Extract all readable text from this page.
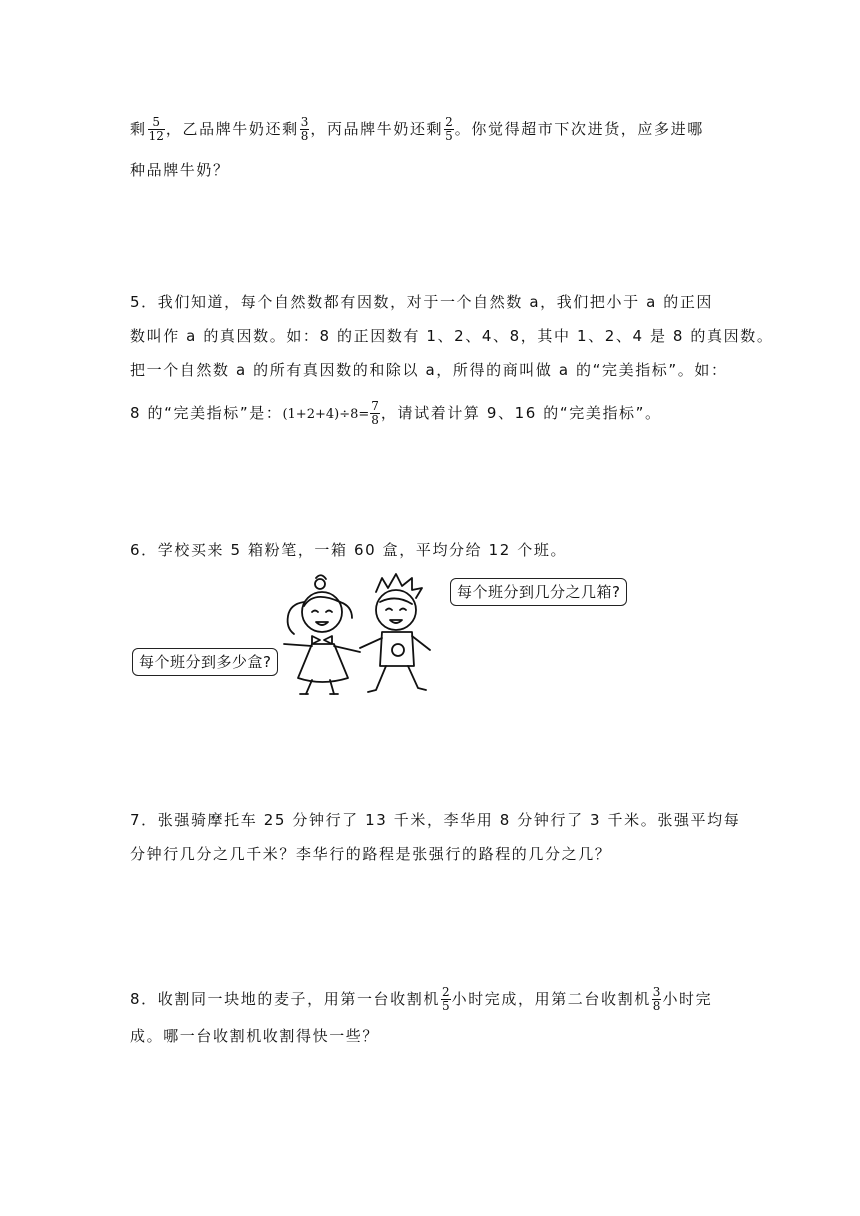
剩 $\frac{5}{12}$ ，乙品牌牛奶还剩 $\frac{3}{8}$ ，丙品牌牛奶还剩 $\frac{2}{5}$ 。你觉得超市下次进货，应多进哪
种品牌牛奶？
5．我们知道，每个自然数都有因数，对于一个自然数 a，我们把小于 a 的正因
数叫作 a 的真因数。如：8 的正因数有 1、2、4、8，其中 1、2、4 是 8 的真因数。
把一个自然数 a 的所有真因数的和除以 a，所得的商叫做 a 的“完美指标”。如：
8 的“完美指标”是：$(1+2+4)\div 8= \frac{7}{8}$ ，请试着计算 9、16 的“完美指标”。
6．学校买来 5 箱粉笔，一箱 60 盒，平均分给 12 个班。
每个班分到几分之几箱?
每个班分到多少盒?
7．张强骑摩托车 25 分钟行了 13 千米，李华用 8 分钟行了 3 千米。张强平均每
分钟行几分之几千米？李华行的路程是张强行的路程的几分之几？
8．收割同一块地的麦子，用第一台收割机 $\frac{2}{5}$ 小时完成，用第二台收割机 $\frac{3}{8}$ 小时完
成。哪一台收割机收割得快一些？
